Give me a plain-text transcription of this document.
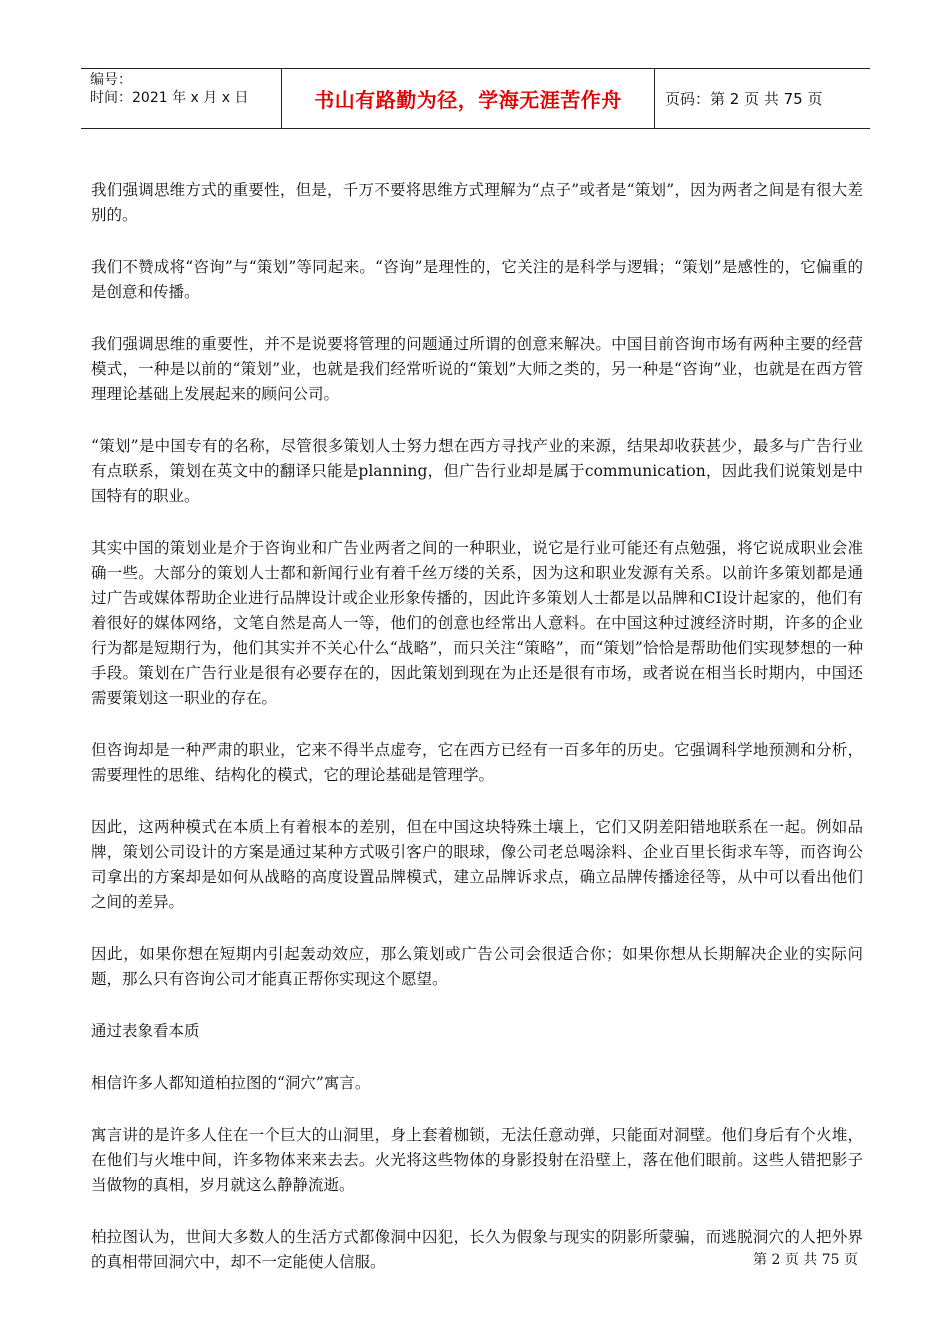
编号：
时间：2021 年 x 月 x 日	书山有路勤为径，学海无涯苦作舟	页码：第 2 页 共 75 页

我们强调思维方式的重要性，但是，千万不要将思维方式理解为“点子”或者是“策划”，因为两者之间是有很大差别的。

我们不赞成将“咨询”与“策划”等同起来。“咨询”是理性的，它关注的是科学与逻辑；“策划”是感性的，它偏重的是创意和传播。

我们强调思维的重要性，并不是说要将管理的问题通过所谓的创意来解决。中国目前咨询市场有两种主要的经营模式，一种是以前的“策划”业，也就是我们经常听说的“策划”大师之类的，另一种是“咨询”业，也就是在西方管理理论基础上发展起来的顾问公司。

“策划”是中国专有的名称，尽管很多策划人士努力想在西方寻找产业的来源，结果却收获甚少，最多与广告行业有点联系，策划在英文中的翻译只能是planning，但广告行业却是属于communication，因此我们说策划是中国特有的职业。

其实中国的策划业是介于咨询业和广告业两者之间的一种职业，说它是行业可能还有点勉强，将它说成职业会准确一些。大部分的策划人士都和新闻行业有着千丝万缕的关系，因为这和职业发源有关系。以前许多策划都是通过广告或媒体帮助企业进行品牌设计或企业形象传播的，因此许多策划人士都是以品牌和CI设计起家的，他们有着很好的媒体网络，文笔自然是高人一等，他们的创意也经常出人意料。在中国这种过渡经济时期，许多的企业行为都是短期行为，他们其实并不关心什么“战略”，而只关注“策略”，而“策划”恰恰是帮助他们实现梦想的一种手段。策划在广告行业是很有必要存在的，因此策划到现在为止还是很有市场，或者说在相当长时期内，中国还需要策划这一职业的存在。

但咨询却是一种严肃的职业，它来不得半点虚夸，它在西方已经有一百多年的历史。它强调科学地预测和分析，需要理性的思维、结构化的模式，它的理论基础是管理学。

因此，这两种模式在本质上有着根本的差别，但在中国这块特殊土壤上，它们又阴差阳错地联系在一起。例如品牌，策划公司设计的方案是通过某种方式吸引客户的眼球，像公司老总喝涂料、企业百里长街求车等，而咨询公司拿出的方案却是如何从战略的高度设置品牌模式，建立品牌诉求点，确立品牌传播途径等，从中可以看出他们之间的差异。

因此，如果你想在短期内引起轰动效应，那么策划或广告公司会很适合你；如果你想从长期解决企业的实际问题，那么只有咨询公司才能真正帮你实现这个愿望。

通过表象看本质

相信许多人都知道柏拉图的“洞穴”寓言。

寓言讲的是许多人住在一个巨大的山洞里，身上套着枷锁，无法任意动弹，只能面对洞壁。他们身后有个火堆，在他们与火堆中间，许多物体来来去去。火光将这些物体的身影投射在沿壁上，落在他们眼前。这些人错把影子当做物的真相，岁月就这么静静流逝。

柏拉图认为，世间大多数人的生活方式都像洞中囚犯，长久为假象与现实的阴影所蒙骗，而逃脱洞穴的人把外界的真相带回洞穴中，却不一定能使人信服。	第 2 页 共 75 页
